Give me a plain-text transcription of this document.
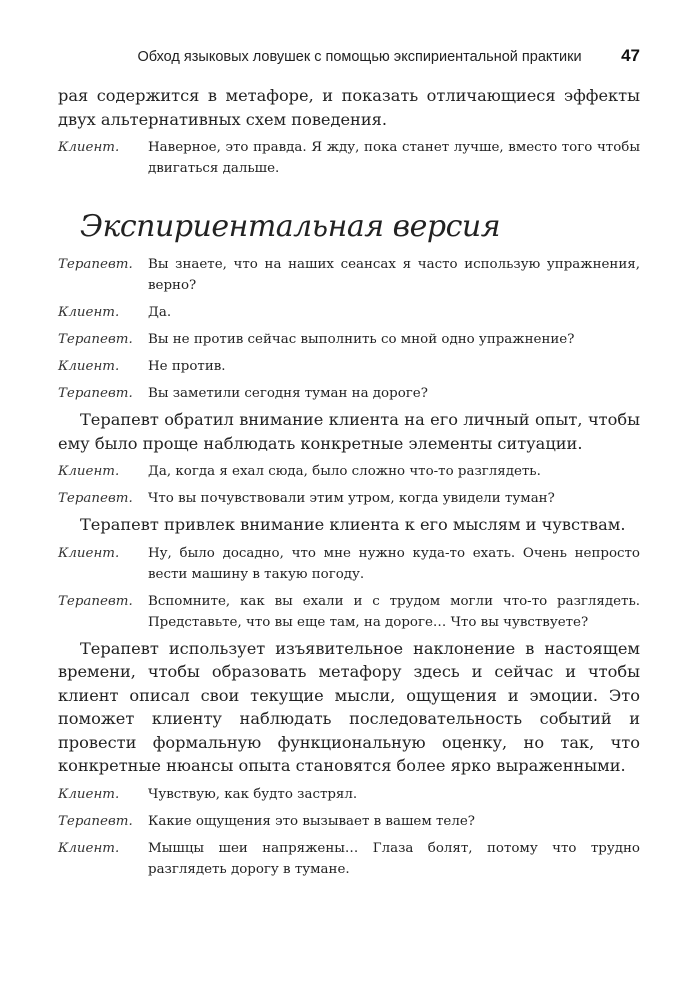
Обход языковых ловушек с помощью экспириентальной практики	47

рая содержится в метафоре, и показать отличающиеся эффекты двух альтернативных схем поведения.

Клиент.	Наверное, это правда. Я жду, пока станет лучше, вместо того чтобы двигаться дальше.
Экспириентальная версия
Терапевт.	Вы знаете, что на наших сеансах я часто использую упражнения, верно?
Клиент.	Да.
Терапевт.	Вы не против сейчас выполнить со мной одно упражнение?
Клиент.	Не против.
Терапевт.	Вы заметили сегодня туман на дороге?

Терапевт обратил внимание клиента на его личный опыт, чтобы ему было проще наблюдать конкретные элементы ситуации.

Клиент.	Да, когда я ехал сюда, было сложно что-то разглядеть.
Терапевт.	Что вы почувствовали этим утром, когда увидели туман?

Терапевт привлек внимание клиента к его мыслям и чувствам.

Клиент.	Ну, было досадно, что мне нужно куда-то ехать. Очень непросто вести машину в такую погоду.
Терапевт.	Вспомните, как вы ехали и с трудом могли что-то разглядеть. Представьте, что вы еще там, на дороге… Что вы чувствуете?

Терапевт использует изъявительное наклонение в настоящем времени, чтобы образовать метафору здесь и сейчас и чтобы клиент описал свои текущие мысли, ощущения и эмоции. Это поможет клиенту наблюдать последовательность событий и провести формальную функциональную оценку, но так, что конкретные нюансы опыта становятся более ярко выраженными.

Клиент.	Чувствую, как будто застрял.
Терапевт.	Какие ощущения это вызывает в вашем теле?
Клиент.	Мышцы шеи напряжены… Глаза болят, потому что трудно разглядеть дорогу в тумане.
